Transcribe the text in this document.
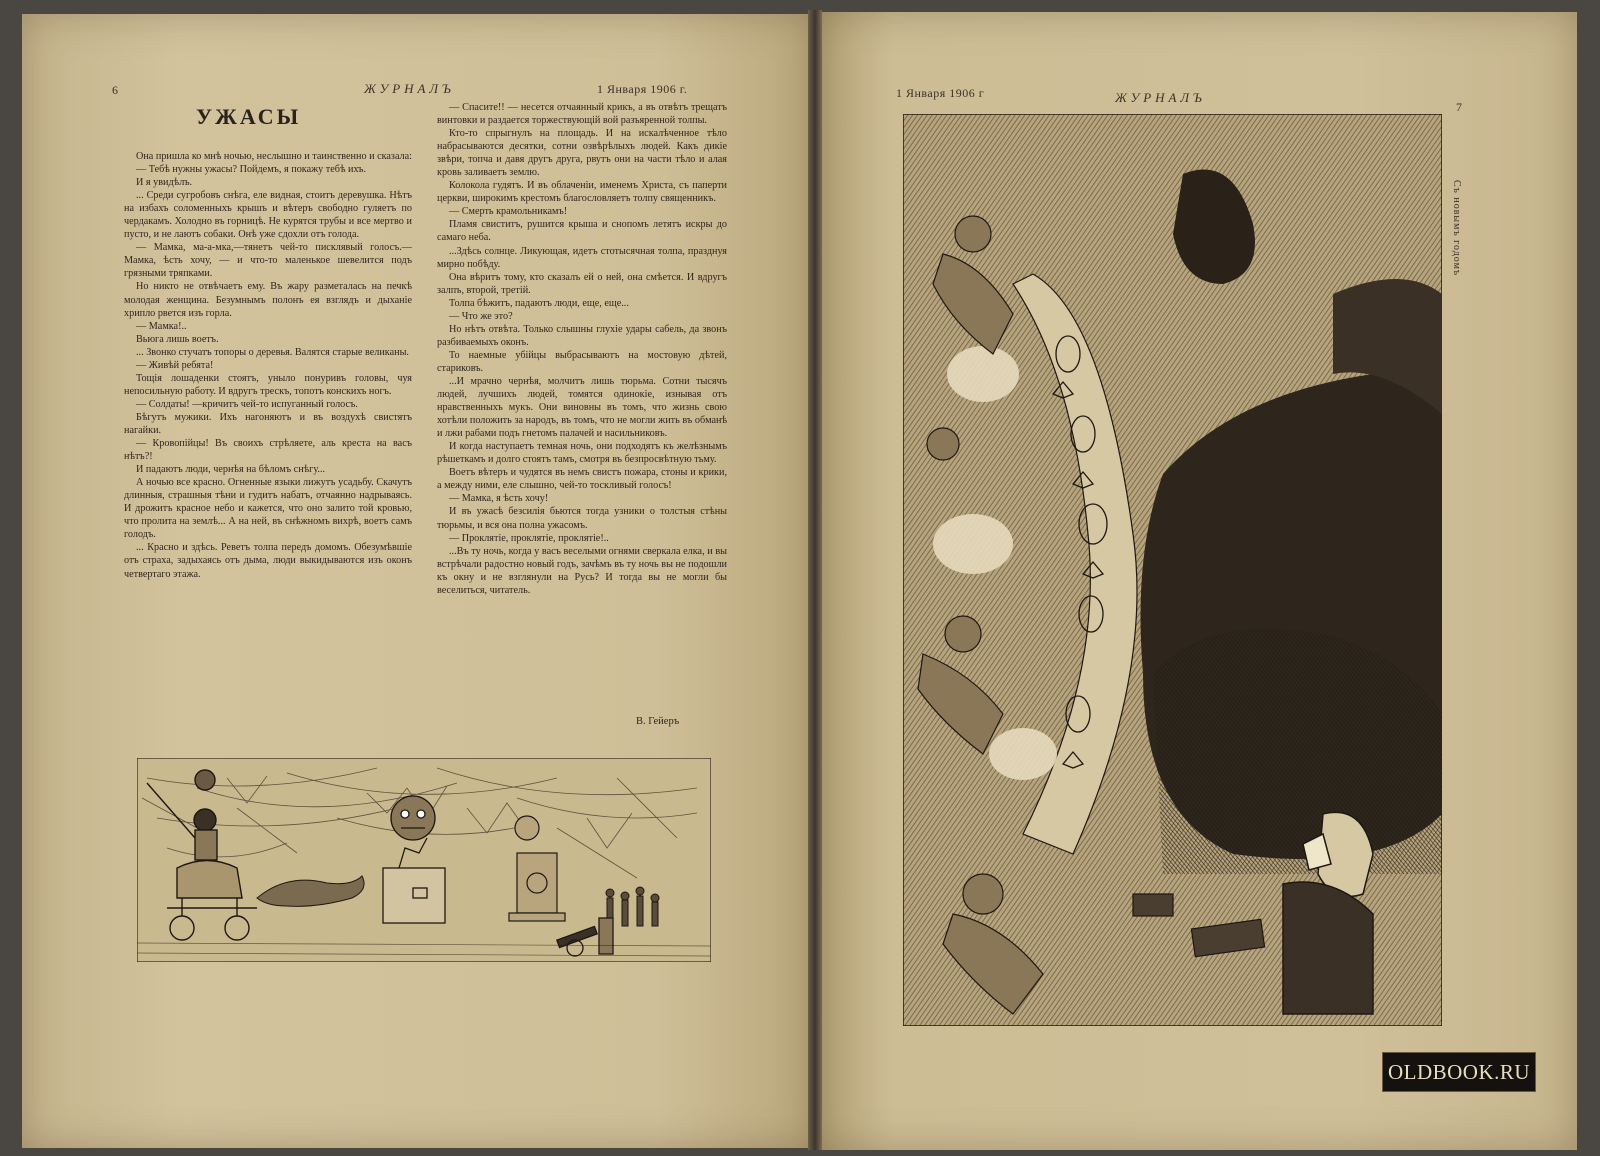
6	ЖУРНАЛЪ	1 Января 1906 г.
УЖАСЫ

Она пришла ко мнѣ ночью, неслышно и таинственно и сказала:

— Тебѣ нужны ужасы? Пойдемъ, я покажу тебѣ ихъ.

И я увидѣлъ.

... Среди сугробовъ снѣга, еле видная, стоитъ деревушка. Нѣтъ на избахъ соломенныхъ крышъ и вѣтеръ свободно гуляетъ по чердакамъ. Холодно въ горницѣ. Не курятся трубы и все мертво и пусто, и не лаютъ собаки. Онѣ уже сдохли отъ голода.

— Мамка, ма-а-мка,—тянетъ чей-то писклявый голосъ.—Мамка, ѣсть хочу, — и что-то маленькое шевелится подъ грязными тряпками.

Но никто не отвѣчаетъ ему. Въ жару разметалась на печкѣ молодая женщина. Безумнымъ полонъ ея взглядъ и дыханіе хрипло рвется изъ горла.

— Мамка!..

Вьюга лишь воетъ.

... Звонко стучатъ топоры о деревья. Валятся старые великаны.

— Живѣй ребята!

Тощія лошаденки стоятъ, уныло понуривъ головы, чуя непосильную работу. И вдругъ трескъ, топотъ конскихъ ногъ.

— Солдаты! —кричитъ чей-то испуганный голосъ.

Бѣгутъ мужики. Ихъ нагоняютъ и въ воздухѣ свистятъ нагайки.

— Кровопійцы! Въ своихъ стрѣляете, аль креста на васъ нѣтъ?!

И падаютъ люди, чернѣя на бѣломъ снѣгу...

А ночью все красно. Огненные языки лижутъ усадьбу. Скачутъ длинныя, страшныя тѣни и гудитъ набатъ, отчаянно надрываясь. И дрожитъ красное небо и кажется, что оно залито той кровью, что пролита на землѣ... А на ней, въ снѣжномъ вихрѣ, воетъ самъ голодъ.

... Красно и здѣсь. Реветъ толпа передъ домомъ. Обезумѣвшіе отъ страха, задыхаясь отъ дыма, люди выкидываются изъ оконъ четвертаго этажа.

— Спасите!! — несется отчаянный крикъ, а въ отвѣтъ трещатъ винтовки и раздается торжествующій вой разъяренной толпы.

Кто-то спрыгнулъ на площадь. И на искалѣченное тѣло набрасываются десятки, сотни озвѣрѣлыхъ людей. Какъ дикіе звѣри, топча и давя другъ друга, рвутъ они на части тѣло и алая кровь заливаетъ землю.

Колокола гудятъ. И въ облаченіи, именемъ Христа, съ паперти церкви, широкимъ крестомъ благословляетъ толпу священникъ.

— Смерть крамольникамъ!

Пламя свиститъ, рушится крыша и снопомъ летятъ искры до самаго неба.

...Здѣсь солнце. Ликующая, идетъ стотысячная толпа, празднуя мирно побѣду.

Она вѣритъ тому, кто сказалъ ей о ней, она смѣется. И вдругъ залпъ, второй, третій.

Толпа бѣжитъ, падаютъ люди, еще, еще...

— Что же это?

Но нѣтъ отвѣта. Только слышны глухіе удары сабель, да звонъ разбиваемыхъ оконъ.

То наемные убійцы выбрасываютъ на мостовую дѣтей, стариковъ.

...И мрачно чернѣя, молчитъ лишь тюрьма. Сотни тысячъ людей, лучшихъ людей, томятся одинокіе, изнывая отъ нравственныхъ мукъ. Они виновны въ томъ, что жизнь свою хотѣли положить за народъ, въ томъ, что не могли жить въ обманѣ и лжи рабами подъ гнетомъ палачей и насильниковъ.

И когда наступаетъ темная ночь, они подходятъ къ желѣзнымъ рѣшеткамъ и долго стоятъ тамъ, смотря въ безпросвѣтную тьму.

Воетъ вѣтеръ и чудятся въ немъ свистъ пожара, стоны и крики, а между ними, еле слышно, чей-то тоскливый голосъ!

— Мамка, я ѣсть хочу!

И въ ужасѣ безсилія бьются тогда узники о толстыя стѣны тюрьмы, и вся она полна ужасомъ.

— Проклятіе, проклятіе, проклятіе!..

...Въ ту ночь, когда у васъ веселыми огнями сверкала елка, и вы встрѣчали радостно новый годъ, зачѣмъ въ ту ночь вы не подошли къ окну и не взглянули на Русь? И тогда вы не могли бы веселиться, читатель.

В. Гейеръ
1 Января 1906 г	ЖУРНАЛЪ
7
Съ новымъ годомъ
OLDBOOK.RU
